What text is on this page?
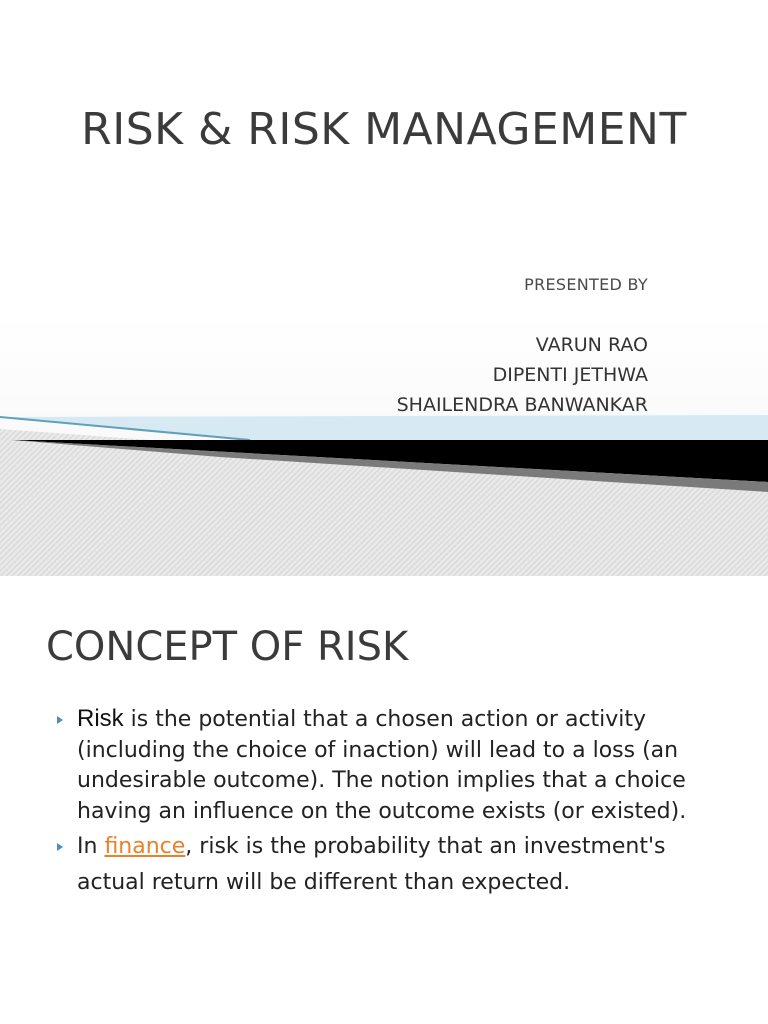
RISK & RISK MANAGEMENT
PRESENTED BY
VARUN RAO
DIPENTI JETHWA
SHAILENDRA BANWANKAR
CONCEPT OF RISK
Risk is the potential that a chosen action or activity (including the choice of inaction) will lead to a loss (an undesirable outcome). The notion implies that a choice having an influence on the outcome exists (or existed).
In finance, risk is the probability that an investment's actual return will be different than expected.
